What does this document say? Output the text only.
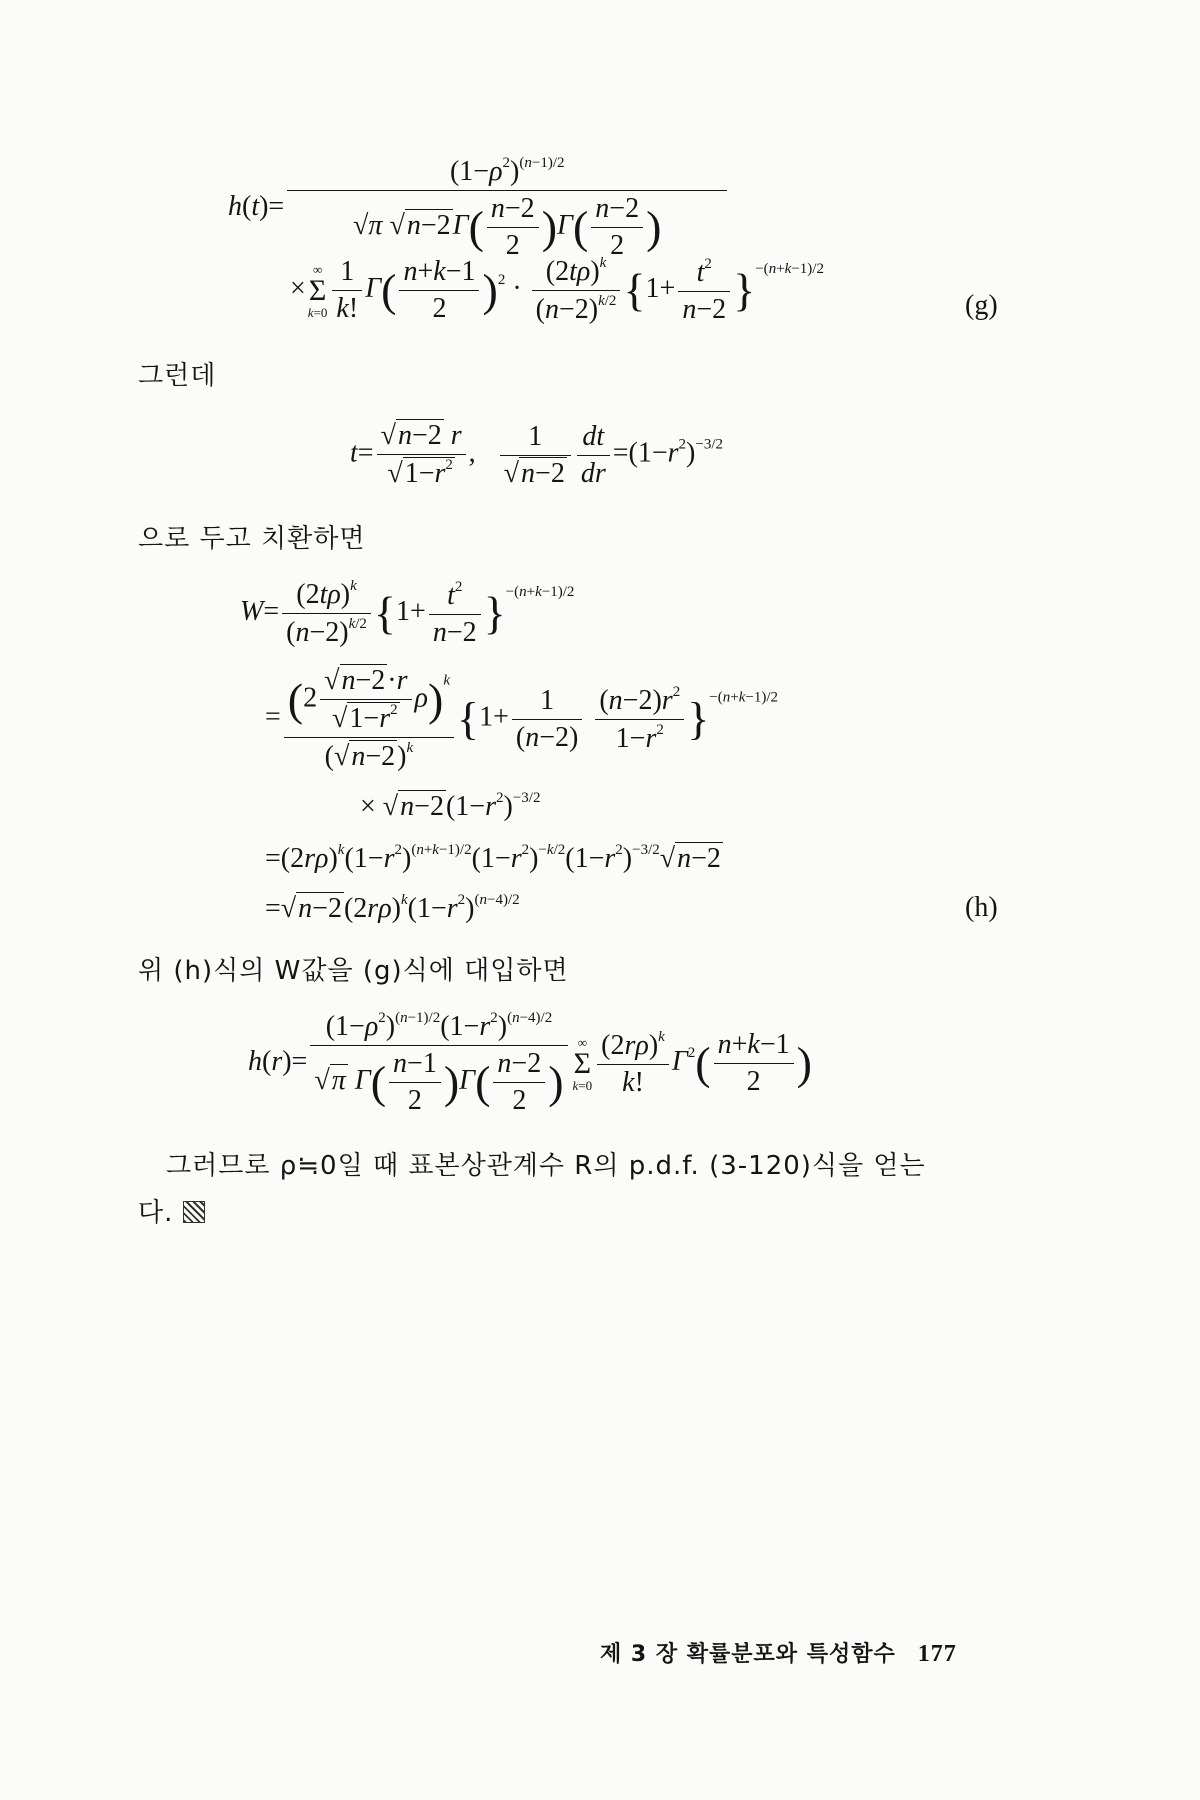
$h(t)= \frac{(1-\rho^2)^{(n-1)/2}}{√\pi √n-2\Gamma( \frac{n-2}{2} )\Gamma( \frac{n-2}{2} )}$
×
∞
Σ
$k=0 \frac{1}{k!} \Gamma( \frac{n+k-1}{2} )^2 \cdot \frac{(2t\rho)^k}{(n-2)^{k/2}} \{1+ \frac{t^2}{n-2} \}^{-(n+k-1)/2}$
(g)
그런데
$t= \frac{√n-2 r}{√1-r^2}$ , $\frac{1}{√n-2} \frac{dt}{dr} =(1-r^2)^{-3/2}$
으로 두고 치환하면
$W= \frac{(2t\rho)^k}{(n-2)^{k/2}} \{1+ \frac{t^2}{n-2} \}^{-(n+k-1)/2}$
= $\frac{(2 \frac{√n-2\cdot r}{√1-r^2} \rho)^k}{(√n-2)^k} \{1+ \frac{1}{(n-2)}$
$\frac{(n-2)r^2}{1-r^2} \}^{-(n+k-1)/2}$
× $√n-2(1-r^2)^{-3/2}$
$=(2r\rho)^k(1-r^2)^{(n+k-1)/2}(1-r^2)^{-k/2}(1-r^2)^{-3/2}√n-2$
$=√n-2(2r\rho)^k(1-r^2)^{(n-4)/2}$	(h)
위 (h)식의 W값을 (g)식에 대입하면
$h(r)= \frac{(1-\rho^2)^{(n-1)/2}(1-r^2)^{(n-4)/2}}{√\pi \Gamma( \frac{n-1}{2} )\Gamma( \frac{n-2}{2} )}$ ∞
Σ
$k=0 \frac{(2r\rho)^k}{k!} \Gamma^2( \frac{n+k-1}{2}$ )
그러므로 ρ≒0일 때 표본상관계수 R의 p.d.f. (3-120)식을 얻는
다.
제 3 장 확률분포와 특성함수 177
